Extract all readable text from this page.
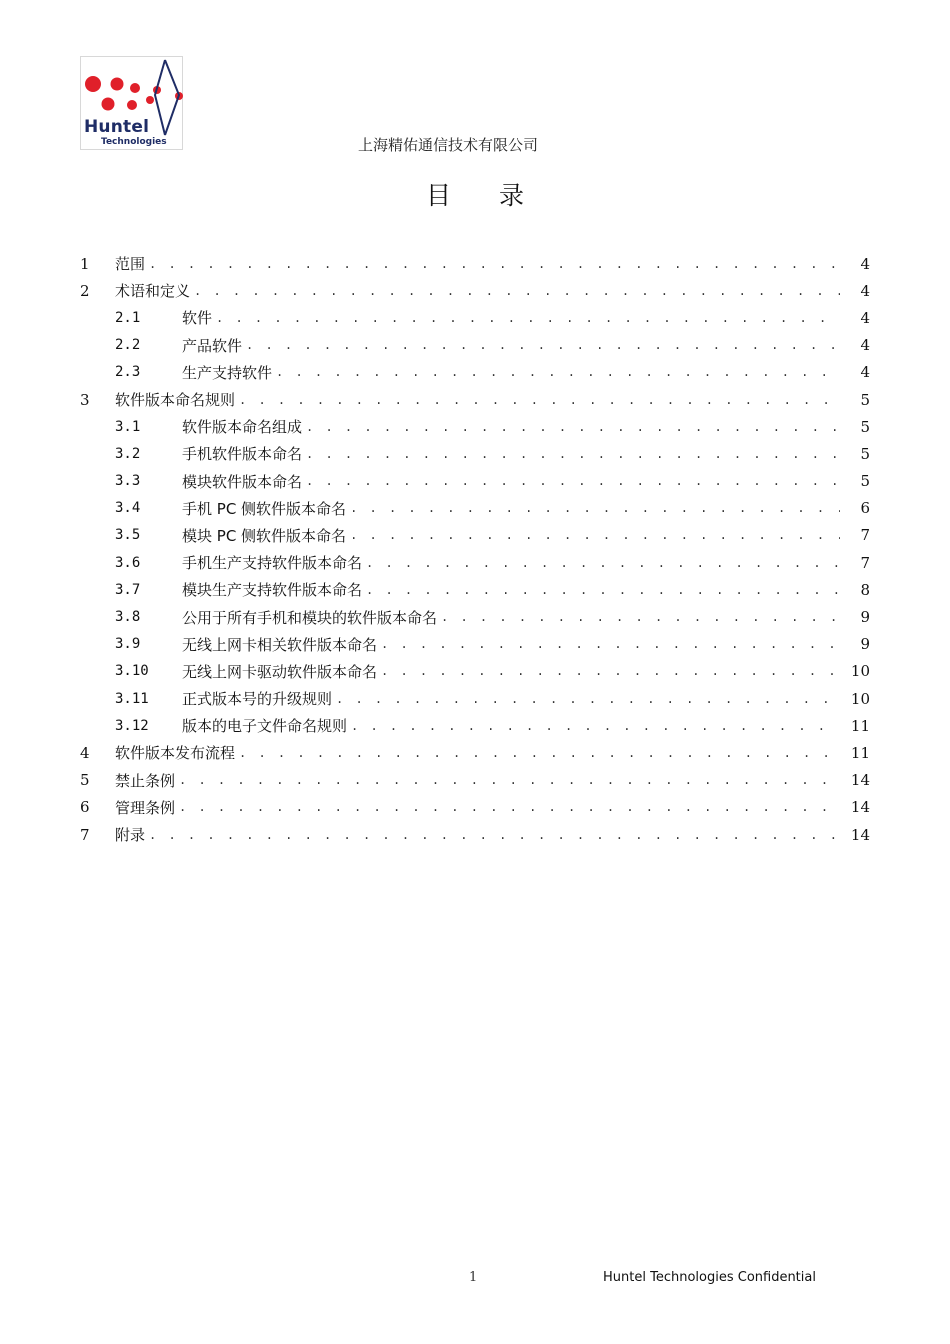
Huntel
Technologies	上海精佑通信技术有限公司
目 录
1	范围 . . .	4
2	术语和定义 . . .	4
2.1	软件 . . .	4
2.2	产品软件 . . .	4
2.3	生产支持软件 . . .	4
3	软件版本命名规则 . . .	5
3.1	软件版本命名组成 . . .	5
3.2	手机软件版本命名 . . .	5
3.3	模块软件版本命名 . . .	5
3.4	手机 PC 侧软件版本命名 . . .	6
3.5	模块 PC 侧软件版本命名 . . .	7
3.6	手机生产支持软件版本命名 . . .	7
3.7	模块生产支持软件版本命名 . . .	8
3.8	公用于所有手机和模块的软件版本命名 . . .	9
3.9	无线上网卡相关软件版本命名 . . .	9
3.10	无线上网卡驱动软件版本命名 . . .	10
3.11	正式版本号的升级规则 . . .	10
3.12	版本的电子文件命名规则 . . .	11
4	软件版本发布流程 . . .	11
5	禁止条例 . . .	14
6	管理条例 . . .	14
7	附录 . . .	14
1	Huntel Technologies Confidential
